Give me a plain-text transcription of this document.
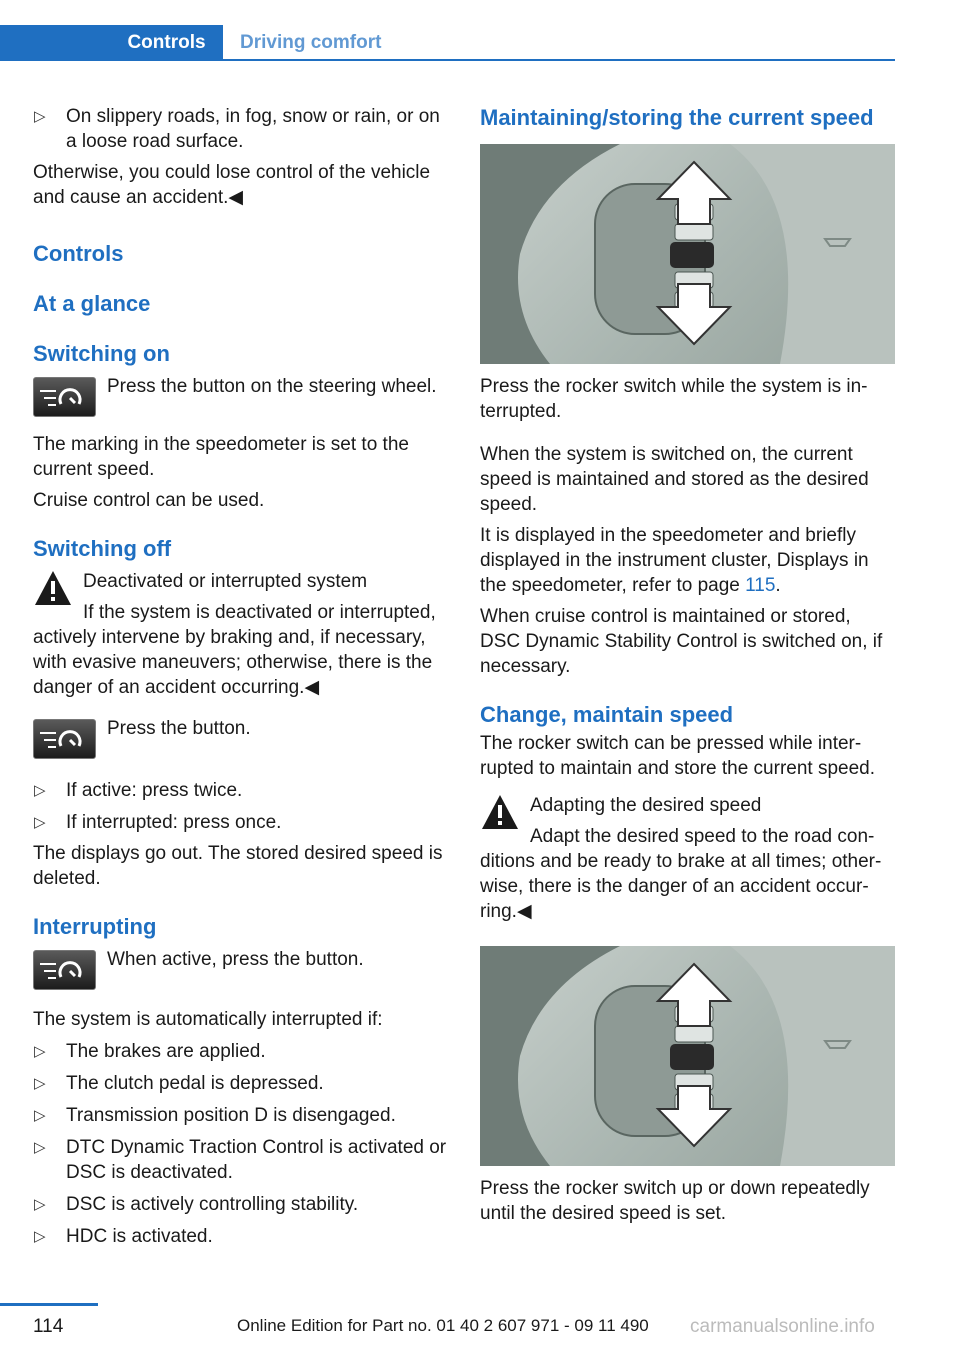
Controls	Driving comfort
▷ On slippery roads, in fog, snow or rain, or on a loose road surface.

Otherwise, you could lose control of the vehicle and cause an accident.◀

Controls
At a glance
Switching on
Press the button on the steering wheel.

The marking in the speedometer is set to the current speed.

Cruise control can be used.

Switching off
Deactivated or interrupted system
If the system is deactivated or interrupted,
actively intervene by braking and, if necessary, with evasive maneuvers; otherwise, there is the danger of an accident occurring.◀
Press the button.
▷ If active: press twice.
▷ If interrupted: press once.

The displays go out. The stored desired speed is deleted.

Interrupting
When active, press the button.

The system is automatically interrupted if:

▷ The brakes are applied.
▷ The clutch pedal is depressed.
▷ Transmission position D is disengaged.
▷ DTC Dynamic Traction Control is activated or DSC is deactivated.
▷ DSC is actively controlling stability.
▷ HDC is activated.
Maintaining/storing the current speed

Press the rocker switch while the system is in‐ terrupted.

When the system is switched on, the current speed is maintained and stored as the desired speed.

It is displayed in the speedometer and briefly displayed in the instrument cluster, Displays in the speedometer, refer to page 115.

When cruise control is maintained or stored, DSC Dynamic Stability Control is switched on, if necessary.

Change, maintain speed

The rocker switch can be pressed while inter‐ rupted to maintain and store the current speed.

Adapting the desired speed
Adapt the desired speed to the road con‐
ditions and be ready to brake at all times; other‐ wise, there is the danger of an accident occur‐ ring.◀

Press the rocker switch up or down repeatedly until the desired speed is set.

114	Online Edition for Part no. 01 40 2 607 971 - 09 11 490 carmanualsonline.info
